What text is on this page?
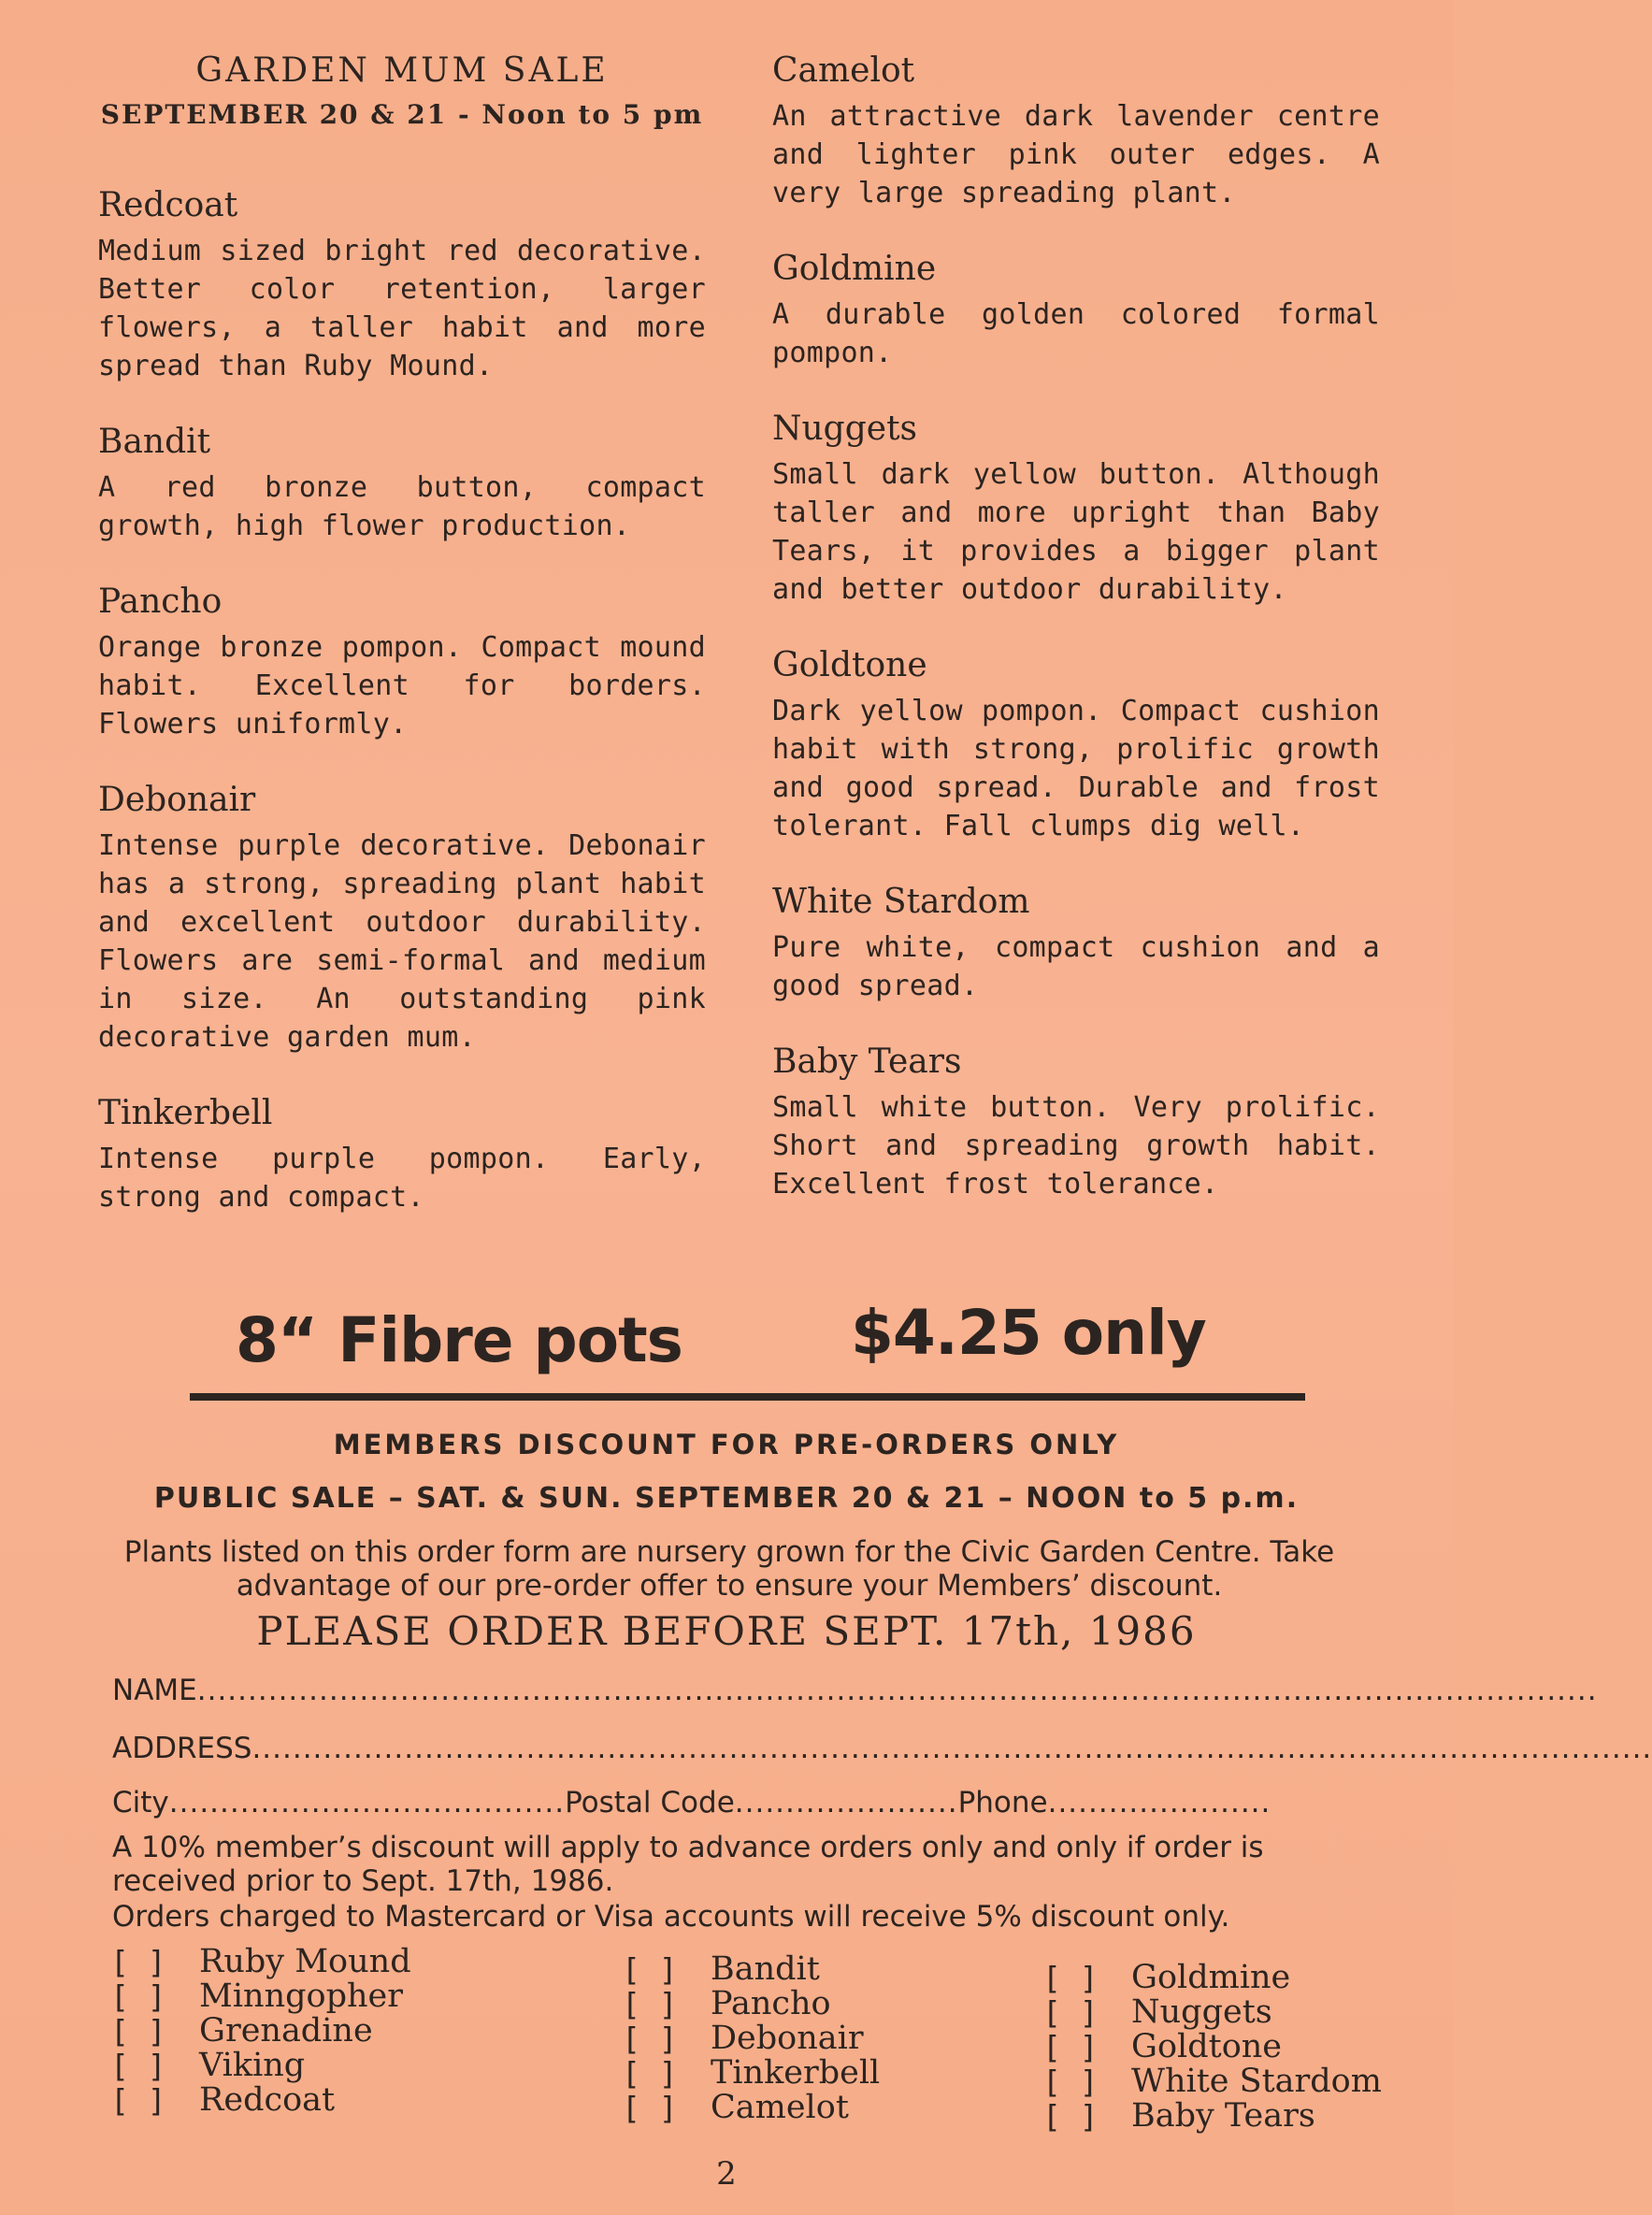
GARDEN MUM SALE

SEPTEMBER 20 & 21 - Noon to 5 pm

Redcoat

Medium sized bright red decorative. Better color retention, larger flowers, a taller habit and more spread than Ruby Mound.

Bandit

A red bronze button, compact growth, high flower production.

Pancho

Orange bronze pompon. Compact mound habit. Excellent for borders. Flowers uniformly.

Debonair

Intense purple decorative. Debonair has a strong, spreading plant habit and excellent outdoor durability. Flowers are semi-formal and medium in size. An outstanding pink decorative garden mum.

Tinkerbell

Intense purple pompon. Early, strong and compact.

Camelot

An attractive dark lavender centre and lighter pink outer edges. A very large spreading plant.

Goldmine

A durable golden colored formal pompon.

Nuggets

Small dark yellow button. Although taller and more upright than Baby Tears, it provides a bigger plant and better outdoor durability.

Goldtone

Dark yellow pompon. Compact cushion habit with strong, prolific growth and good spread. Durable and frost tolerant. Fall clumps dig well.

White Stardom

Pure white, compact cushion and a good spread.

Baby Tears

Small white button. Very prolific. Short and spreading growth habit. Excellent frost tolerance.

8“ Fibre pots	$4.25 only
MEMBERS DISCOUNT FOR PRE-ORDERS ONLY
PUBLIC SALE – SAT. & SUN. SEPTEMBER 20 & 21 – NOON to 5 p.m.
Plants listed on this order form are nursery grown for the Civic Garden Centre. Take advantage of our pre-order offer to ensure your Members’ discount.
PLEASE ORDER BEFORE SEPT. 17th, 1986
NAME..........................................................................................................................................
ADDRESS..........................................................................................................................................
City.......................................Postal Code......................Phone......................
A 10% member’s discount will apply to advance orders only and only if order is received prior to Sept. 17th, 1986.
Orders charged to Mastercard or Visa accounts will receive 5% discount only.
[ ] Ruby Mound
[ ] Minngopher
[ ] Grenadine
[ ] Viking
[ ] Redcoat
[ ] Bandit
[ ] Pancho
[ ] Debonair
[ ] Tinkerbell
[ ] Camelot
[ ] Goldmine
[ ] Nuggets
[ ] Goldtone
[ ] White Stardom
[ ] Baby Tears
2
